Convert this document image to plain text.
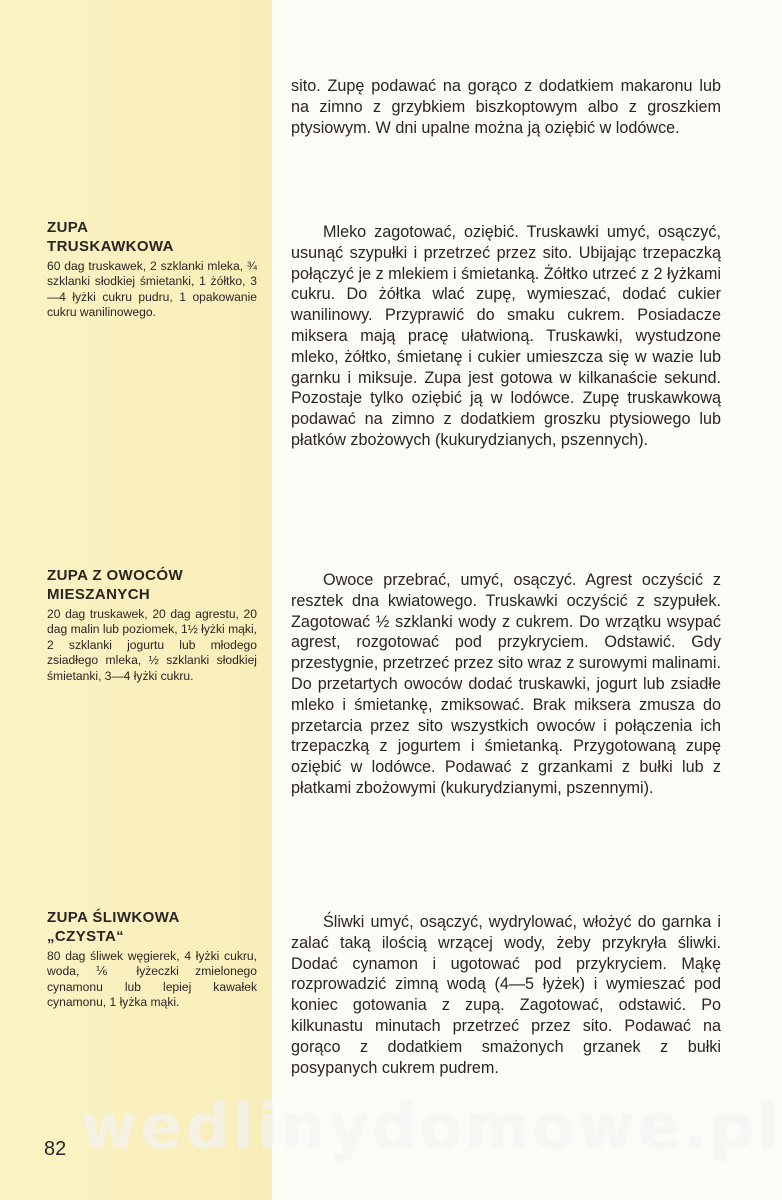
sito. Zupę podawać na gorąco z dodatkiem makaronu lub na zimno z grzybkiem biszkoptowym albo z groszkiem ptysiowym. W dni upalne można ją oziębić w lodówce.

ZUPA
TRUSKAWKOWA

60 dag truskawek, 2 szklanki mleka, ¾ szklanki słodkiej śmietanki, 1 żółtko, 3—4 łyżki cukru pudru, 1 opakowanie cukru wanilinowego.

Mleko zagotować, oziębić. Truskawki umyć, osączyć, usunąć szypułki i przetrzeć przez sito. Ubijając trzepaczką połączyć je z mlekiem i śmietanką. Żółtko utrzeć z 2 łyżkami cukru. Do żółtka wlać zupę, wymieszać, dodać cukier wanilinowy. Przyprawić do smaku cukrem. Posiadacze miksera mają pracę ułatwioną. Truskawki, wystudzone mleko, żółtko, śmietanę i cukier umieszcza się w wazie lub garnku i miksuje. Zupa jest gotowa w kilkanaście sekund. Pozostaje tylko oziębić ją w lodówce. Zupę truskawkową podawać na zimno z dodatkiem groszku ptysiowego lub płatków zbożowych (kukurydzianych, pszennych).

ZUPA Z OWOCÓW
MIESZANYCH

20 dag truskawek, 20 dag agrestu, 20 dag malin lub poziomek, 1½ łyżki mąki, 2 szklanki jogurtu lub młodego zsiadłego mleka, ½ szklanki słodkiej śmietanki, 3—4 łyżki cukru.

Owoce przebrać, umyć, osączyć. Agrest oczyścić z resztek dna kwiatowego. Truskawki oczyścić z szypułek. Zagotować ½ szklanki wody z cukrem. Do wrzątku wsypać agrest, rozgotować pod przykryciem. Odstawić. Gdy przestygnie, przetrzeć przez sito wraz z surowymi malinami. Do przetartych owoców dodać truskawki, jogurt lub zsiadłe mleko i śmietankę, zmiksować. Brak miksera zmusza do przetarcia przez sito wszystkich owoców i połączenia ich trzepaczką z jogurtem i śmietanką. Przygotowaną zupę oziębić w lodówce. Podawać z grzankami z bułki lub z płatkami zbożowymi (kukurydzianymi, pszennymi).

ZUPA ŚLIWKOWA
„CZYSTA“

80 dag śliwek węgierek, 4 łyżki cukru, woda, ⅙ łyżeczki zmielonego cynamonu lub lepiej kawałek cynamonu, 1 łyżka mąki.

Śliwki umyć, osączyć, wydrylować, włożyć do garnka i zalać taką ilością wrzącej wody, żeby przykryła śliwki. Dodać cynamon i ugotować pod przykryciem. Mąkę rozprowadzić zimną wodą (4—5 łyżek) i wymieszać pod koniec gotowania z zupą. Zagotować, odstawić. Po kilkunastu minutach przetrzeć przez sito. Podawać na gorąco z dodatkiem smażonych grzanek z bułki posypanych cukrem pudrem.

wedlinydomowe.pl
82
